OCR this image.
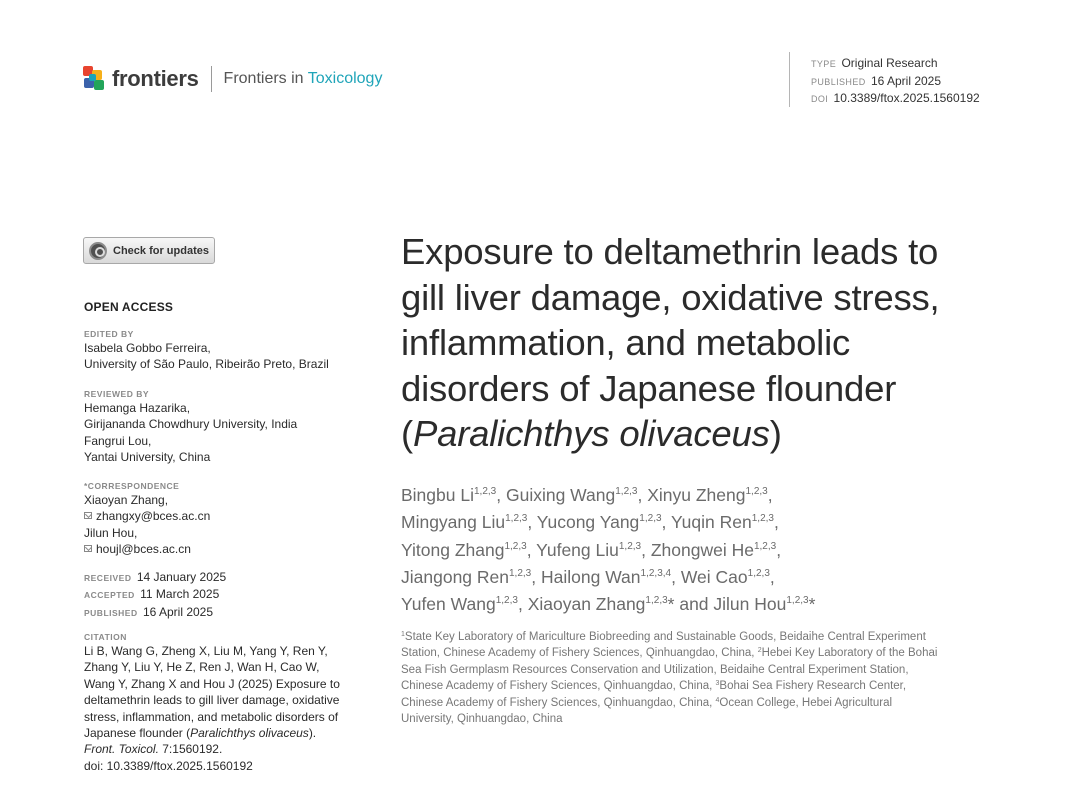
frontiers Frontiers in Toxicology
TYPE Original Research
PUBLISHED 16 April 2025
DOI 10.3389/ftox.2025.1560192
Check for updates
OPEN ACCESS
EDITED BY
Isabela Gobbo Ferreira,
University of São Paulo, Ribeirão Preto, Brazil
REVIEWED BY
Hemanga Hazarika,
Girijananda Chowdhury University, India
Fangrui Lou,
Yantai University, China
*CORRESPONDENCE
Xiaoyan Zhang,
zhangxy@bces.ac.cn
Jilun Hou,
houjl@bces.ac.cn
RECEIVED 14 January 2025
ACCEPTED 11 March 2025
PUBLISHED 16 April 2025
CITATION
Li B, Wang G, Zheng X, Liu M, Yang Y, Ren Y,
Zhang Y, Liu Y, He Z, Ren J, Wan H, Cao W,
Wang Y, Zhang X and Hou J (2025) Exposure to
deltamethrin leads to gill liver damage, oxidative
stress, inflammation, and metabolic disorders of
Japanese flounder (Paralichthys olivaceus).
Front. Toxicol. 7:1560192.
doi: 10.3389/ftox.2025.1560192
Exposure to deltamethrin leads to
gill liver damage, oxidative stress,
inflammation, and metabolic
disorders of Japanese flounder
(Paralichthys olivaceus)
Bingbu Li$^{1,2,3}$, Guixing Wang$^{1,2,3}$, Xinyu Zheng$^{1,2,3}$,
Mingyang Liu$^{1,2,3}$, Yucong Yang$^{1,2,3}$, Yuqin Ren$^{1,2,3}$,
Yitong Zhang$^{1,2,3}$, Yufeng Liu$^{1,2,3}$, Zhongwei He$^{1,2,3}$,
Jiangong Ren$^{1,2,3}$, Hailong Wan$^{1,2,3,4}$, Wei Cao$^{1,2,3}$,
Yufen Wang$^{1,2,3}$, Xiaoyan Zhang$^{1,2,3}$* and Jilun Hou$^{1,2,3}$*
$^1$State Key Laboratory of Mariculture Biobreeding and Sustainable Goods, Beidaihe Central Experiment
Station, Chinese Academy of Fishery Sciences, Qinhuangdao, China, $^2$Hebei Key Laboratory of the Bohai
Sea Fish Germplasm Resources Conservation and Utilization, Beidaihe Central Experiment Station,
Chinese Academy of Fishery Sciences, Qinhuangdao, China, $^3$Bohai Sea Fishery Research Center,
Chinese Academy of Fishery Sciences, Qinhuangdao, China, $^4$Ocean College, Hebei Agricultural
University, Qinhuangdao, China
